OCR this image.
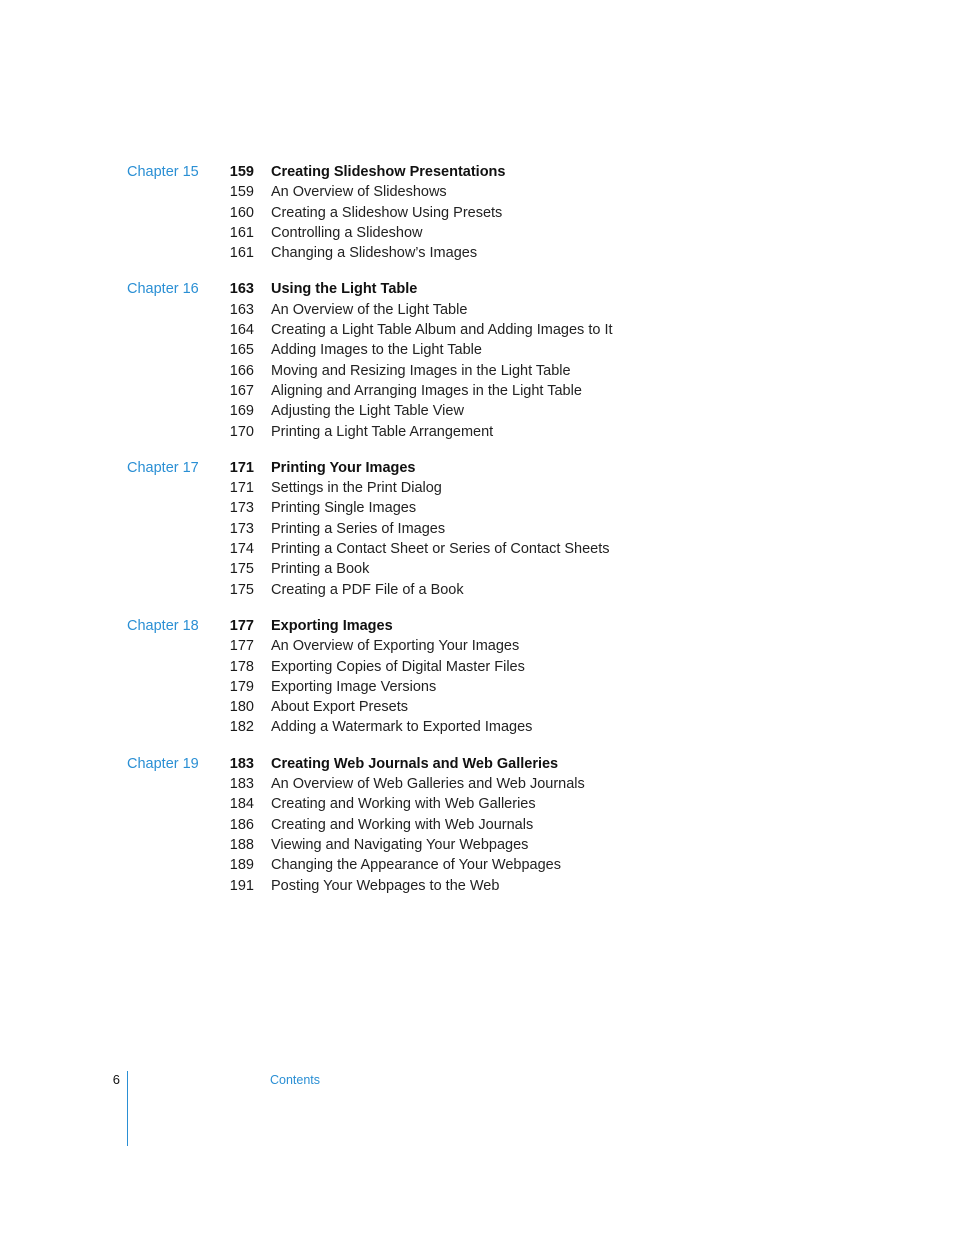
Chapter 15	159 Creating Slideshow Presentations
159 An Overview of Slideshows
160 Creating a Slideshow Using Presets
161 Controlling a Slideshow
161 Changing a Slideshow’s Images
Chapter 16	163 Using the Light Table
163 An Overview of the Light Table
164 Creating a Light Table Album and Adding Images to It
165 Adding Images to the Light Table
166 Moving and Resizing Images in the Light Table
167 Aligning and Arranging Images in the Light Table
169 Adjusting the Light Table View
170 Printing a Light Table Arrangement
Chapter 17	171 Printing Your Images
171 Settings in the Print Dialog
173 Printing Single Images
173 Printing a Series of Images
174 Printing a Contact Sheet or Series of Contact Sheets
175 Printing a Book
175 Creating a PDF File of a Book
Chapter 18	177 Exporting Images
177 An Overview of Exporting Your Images
178 Exporting Copies of Digital Master Files
179 Exporting Image Versions
180 About Export Presets
182 Adding a Watermark to Exported Images
Chapter 19	183 Creating Web Journals and Web Galleries
183 An Overview of Web Galleries and Web Journals
184 Creating and Working with Web Galleries
186 Creating and Working with Web Journals
188 Viewing and Navigating Your Webpages
189 Changing the Appearance of Your Webpages
191 Posting Your Webpages to the Web
6	Contents
